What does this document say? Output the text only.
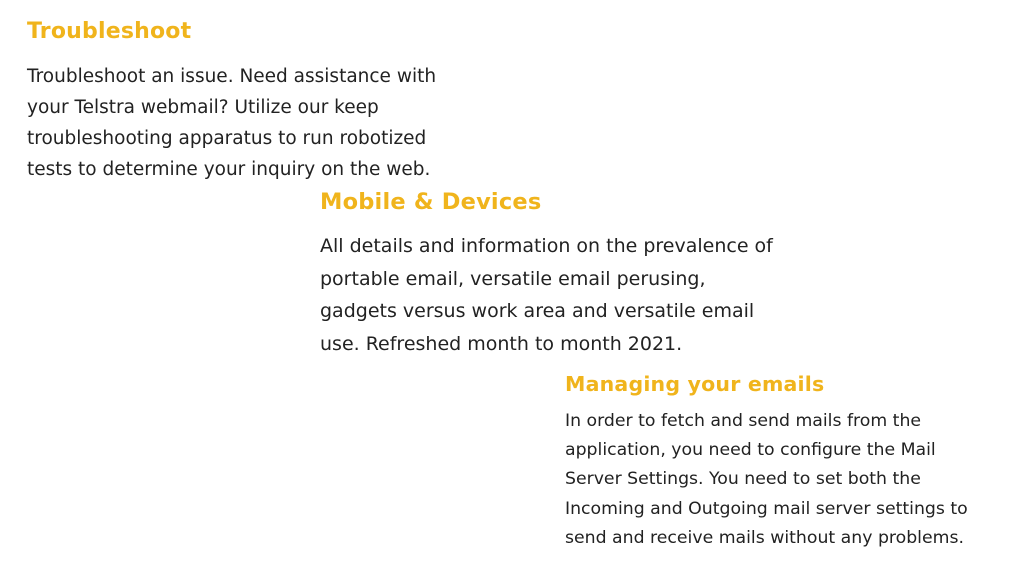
Troubleshoot

Troubleshoot an issue. Need assistance with
your Telstra webmail? Utilize our keep
troubleshooting apparatus to run robotized
tests to determine your inquiry on the web.

Mobile & Devices

All details and information on the prevalence of
portable email, versatile email perusing,
gadgets versus work area and versatile email
use. Refreshed month to month 2021.

Managing your emails

In order to fetch and send mails from the
application, you need to configure the Mail
Server Settings. You need to set both the
Incoming and Outgoing mail server settings to
send and receive mails without any problems.
